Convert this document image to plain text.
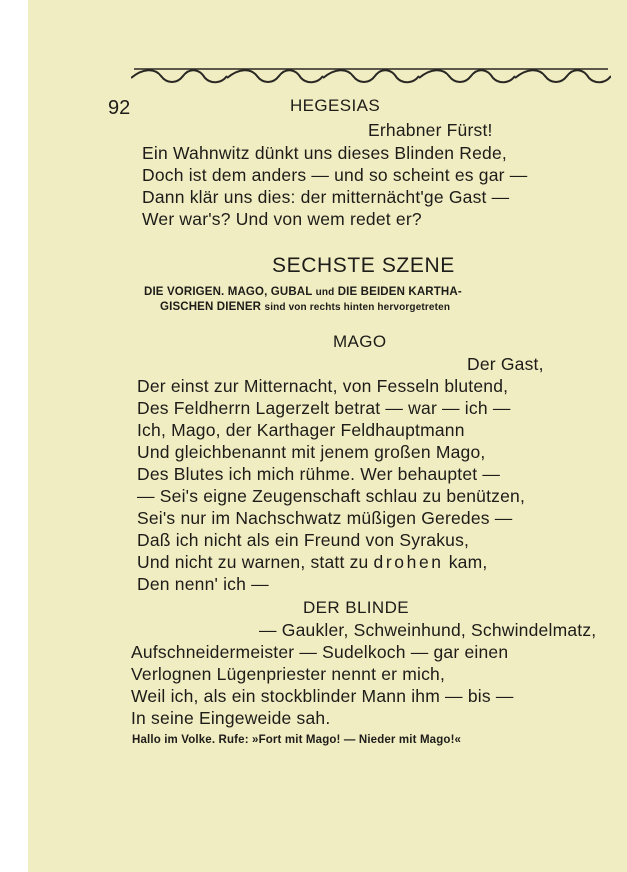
92	HEGESIAS
Erhabner Fürst!
Ein Wahnwitz dünkt uns dieses Blinden Rede,
Doch ist dem anders — und so scheint es gar —
Dann klär uns dies: der mitternächt'ge Gast —
Wer war's? Und von wem redet er?
SECHSTE SZENE
DIE VORIGEN. MAGO, GUBAL und DIE BEIDEN KARTHA-
GISCHEN DIENER sind von rechts hinten hervorgetreten
MAGO
Der Gast,
Der einst zur Mitternacht, von Fesseln blutend,
Des Feldherrn Lagerzelt betrat — war — ich —
Ich, Mago, der Karthager Feldhauptmann
Und gleichbenannt mit jenem großen Mago,
Des Blutes ich mich rühme. Wer behauptet —
— Sei's eigne Zeugenschaft schlau zu benützen,
Sei's nur im Nachschwatz müßigen Geredes —
Daß ich nicht als ein Freund von Syrakus,
Und nicht zu warnen, statt zu drohen kam,
Den nenn' ich —
DER BLINDE
— Gaukler, Schweinhund, Schwindelmatz,
Aufschneidermeister — Sudelkoch — gar einen
Verlognen Lügenpriester nennt er mich,
Weil ich, als ein stockblinder Mann ihm — bis —
In seine Eingeweide sah.
Hallo im Volke. Rufe: »Fort mit Mago! — Nieder mit Mago!«
